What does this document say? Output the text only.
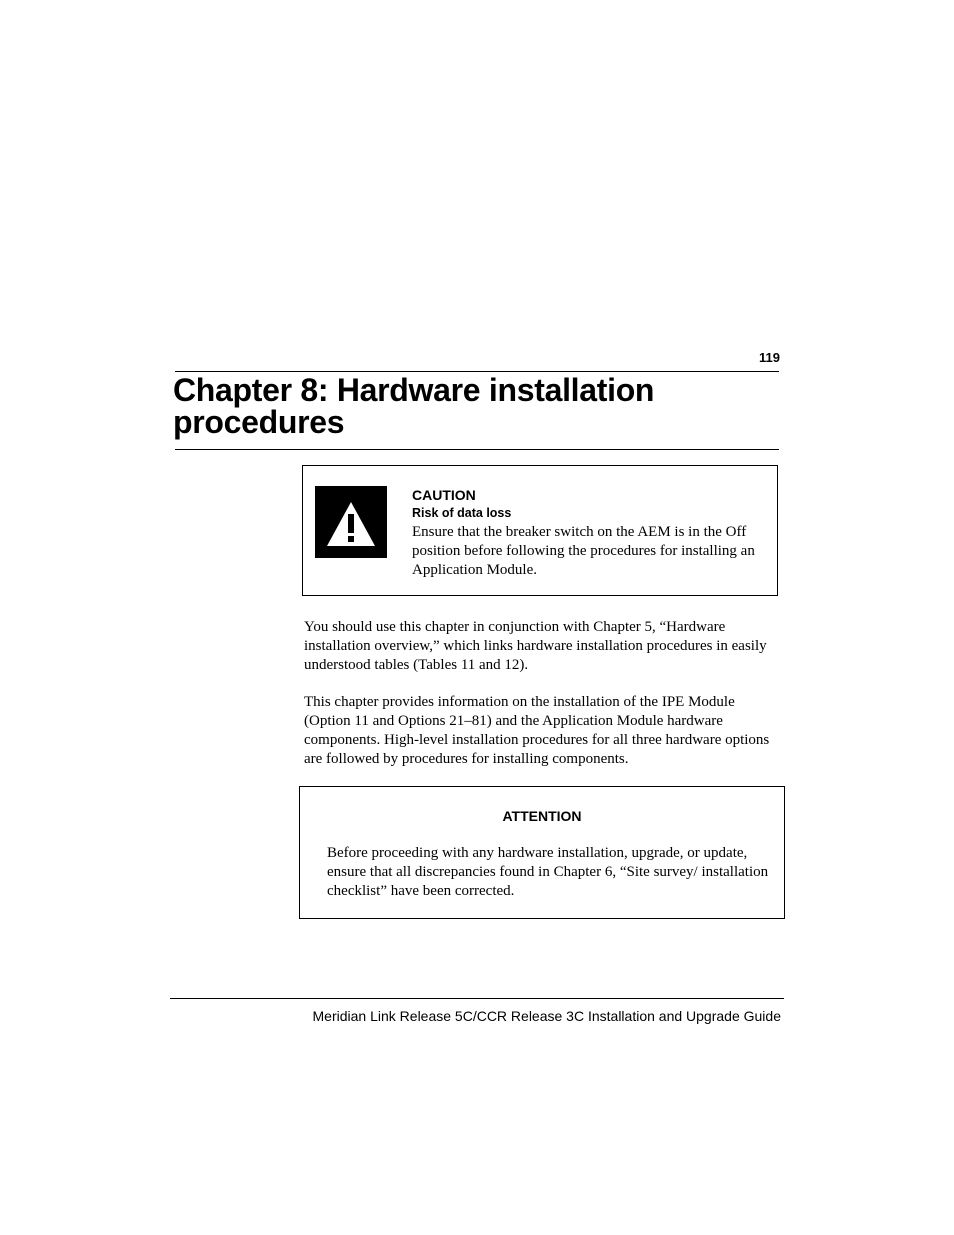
119
Chapter 8: Hardware installation procedures
CAUTION
Risk of data loss
Ensure that the breaker switch on the AEM is in the Off position before following the procedures for installing an Application Module.

You should use this chapter in conjunction with Chapter 5, “Hardware installation overview,” which links hardware installation procedures in easily understood tables (Tables 11 and 12).

This chapter provides information on the installation of the IPE Module (Option 11 and Options 21–81) and the Application Module hardware components. High-level installation procedures for all three hardware options are followed by procedures for installing components.

ATTENTION

Before proceeding with any hardware installation, upgrade, or update, ensure that all discrepancies found in Chapter 6, “Site survey/ installation checklist” have been corrected.

Meridian Link Release 5C/CCR Release 3C Installation and Upgrade Guide
